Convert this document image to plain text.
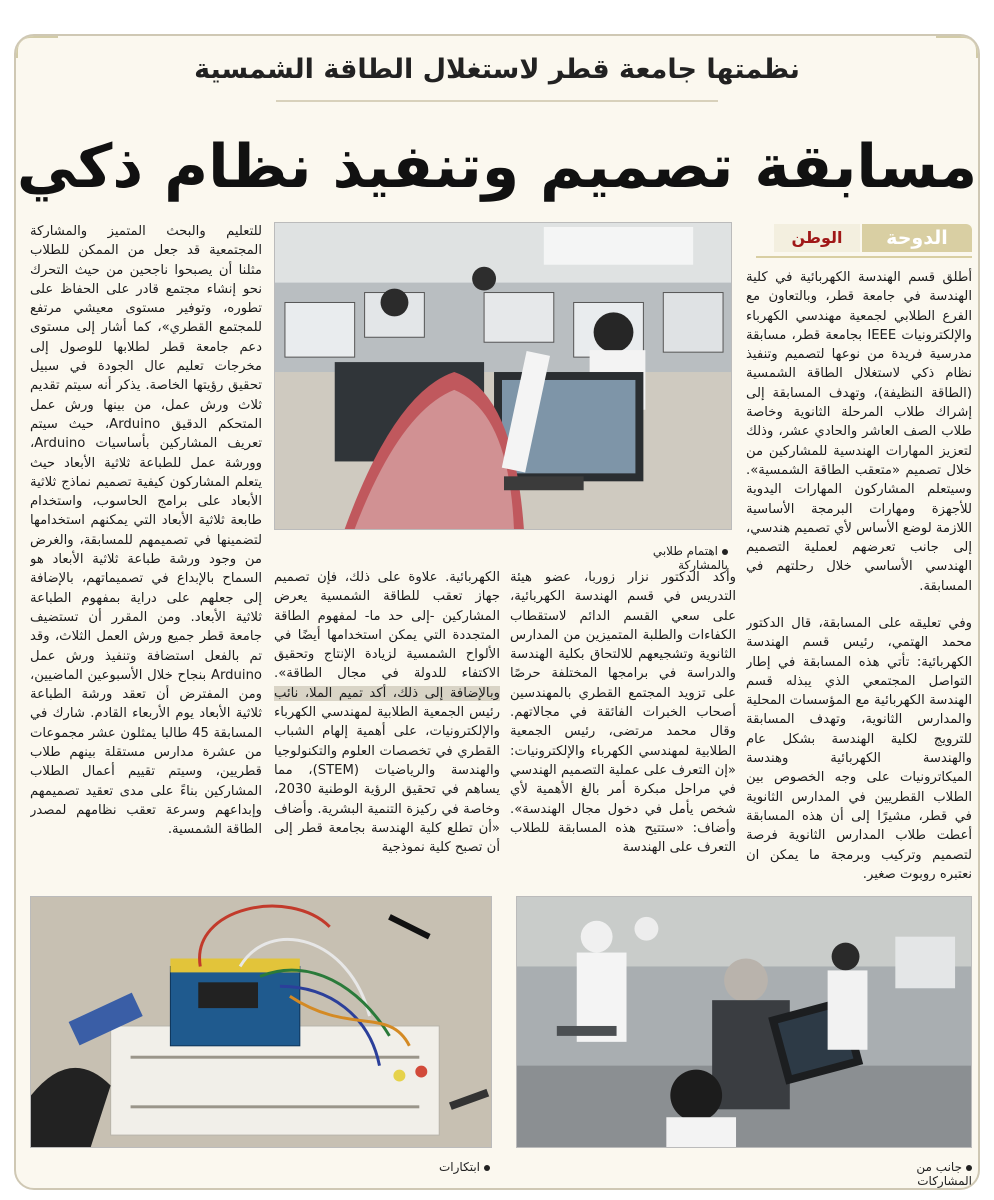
نظمتها جامعة قطر لاستغلال الطاقة الشمسية
مسابقة تصميم وتنفيذ نظام ذكي
اهتمام طلابي بالمشاركة
الدوحة
الوطن

أطلق قسم الهندسة الكهربائية في كلية الهندسة في جامعة قطر، وبالتعاون مع الفرع الطلابي لجمعية مهندسي الكهرباء والإلكترونيات IEEE بجامعة قطر، مسابقة مدرسية فريدة من نوعها لتصميم وتنفيذ نظام ذكي لاستغلال الطاقة الشمسية (الطاقة النظيفة)، وتهدف المسابقة إلى إشراك طلاب المرحلة الثانوية وخاصة طلاب الصف العاشر والحادي عشر، وذلك لتعزيز المهارات الهندسية للمشاركين من خلال تصميم «متعقب الطاقة الشمسية». وسيتعلم المشاركون المهارات اليدوية للأجهزة ومهارات البرمجة الأساسية اللازمة لوضع الأساس لأي تصميم هندسي، إلى جانب تعرضهم لعملية التصميم الهندسي الأساسي خلال رحلتهم في المسابقة.

وفي تعليقه على المسابقة، قال الدكتور محمد الهتمي، رئيس قسم الهندسة الكهربائية: تأتي هذه المسابقة في إطار التواصل المجتمعي الذي يبذله قسم الهندسة الكهربائية مع المؤسسات المحلية والمدارس الثانوية، وتهدف المسابقة للترويج لكلية الهندسة بشكل عام والهندسة الكهربائية وهندسة الميكاترونيات على وجه الخصوص بين الطلاب القطريين في المدارس الثانوية في قطر، مشيرًا إلى أن هذه المسابقة أعطت طلاب المدارس الثانوية فرصة لتصميم وتركيب وبرمجة ما يمكن ان نعتبره روبوت صغير.

وأكد الدكتور نزار زوربا، عضو هيئة التدريس في قسم الهندسة الكهربائية، على سعي القسم الدائم لاستقطاب الكفاءات والطلبة المتميزين من المدارس الثانوية وتشجيعهم للالتحاق بكلية الهندسة والدراسة في برامجها المختلفة حرصًا على تزويد المجتمع القطري بالمهندسين أصحاب الخبرات الفائقة في مجالاتهم. وقال محمد مرتضى، رئيس الجمعية الطلابية لمهندسي الكهرباء والإلكترونيات: «إن التعرف على عملية التصميم الهندسي في مراحل مبكرة أمر بالغ الأهمية لأي شخص يأمل في دخول مجال الهندسة». وأضاف: «ستتيح هذه المسابقة للطلاب التعرف على الهندسة

الكهربائية. علاوة على ذلك، فإن تصميم جهاز تعقب للطاقة الشمسية يعرض المشاركين -إلى حد ما- لمفهوم الطاقة المتجددة التي يمكن استخدامها أيضًا في الألواح الشمسية لزيادة الإنتاج وتحقيق الاكتفاء للدولة في مجال الطاقة». وبالإضافة إلى ذلك، أكد تميم الملا، نائب رئيس الجمعية الطلابية لمهندسي الكهرباء والإلكترونيات، على أهمية إلهام الشباب القطري في تخصصات العلوم والتكنولوجيا والهندسة والرياضيات (STEM)، مما يساهم في تحقيق الرؤية الوطنية 2030، وخاصة في ركيزة التنمية البشرية. وأضاف «أن تطلع كلية الهندسة بجامعة قطر إلى أن تصبح كلية نموذجية

للتعليم والبحث المتميز والمشاركة المجتمعية قد جعل من الممكن للطلاب مثلنا أن يصبحوا ناجحين من حيث التحرك نحو إنشاء مجتمع قادر على الحفاظ على تطوره، وتوفير مستوى معيشي مرتفع للمجتمع القطري»، كما أشار إلى مستوى دعم جامعة قطر لطلابها للوصول إلى مخرجات تعليم عال الجودة في سبيل تحقيق رؤيتها الخاصة. يذكر أنه سيتم تقديم ثلاث ورش عمل، من بينها ورش عمل المتحكم الدقيق Arduino، حيث سيتم تعريف المشاركين بأساسيات Arduino، وورشة عمل للطباعة ثلاثية الأبعاد حيث يتعلم المشاركون كيفية تصميم نماذج ثلاثية الأبعاد على برامج الحاسوب، واستخدام طابعة ثلاثية الأبعاد التي يمكنهم استخدامها لتضمينها في تصميمهم للمسابقة، والغرض من وجود ورشة طباعة ثلاثية الأبعاد هو السماح بالإبداع في تصميماتهم، بالإضافة إلى جعلهم على دراية بمفهوم الطباعة ثلاثية الأبعاد. ومن المقرر أن تستضيف جامعة قطر جميع ورش العمل الثلاث، وقد تم بالفعل استضافة وتنفيذ ورش عمل Arduino بنجاح خلال الأسبوعين الماضيين، ومن المفترض أن تعقد ورشة الطباعة ثلاثية الأبعاد يوم الأربعاء القادم. شارك في المسابقة 45 طالبا يمثلون عشر مجموعات من عشرة مدارس مستقلة بينهم طلاب قطريين، وسيتم تقييم أعمال الطلاب المشاركين بناءً على مدى تعقيد تصميمهم وإبداعهم وسرعة تعقب نظامهم لمصدر الطاقة الشمسية.

ابتكارات	جانب من المشاركات
